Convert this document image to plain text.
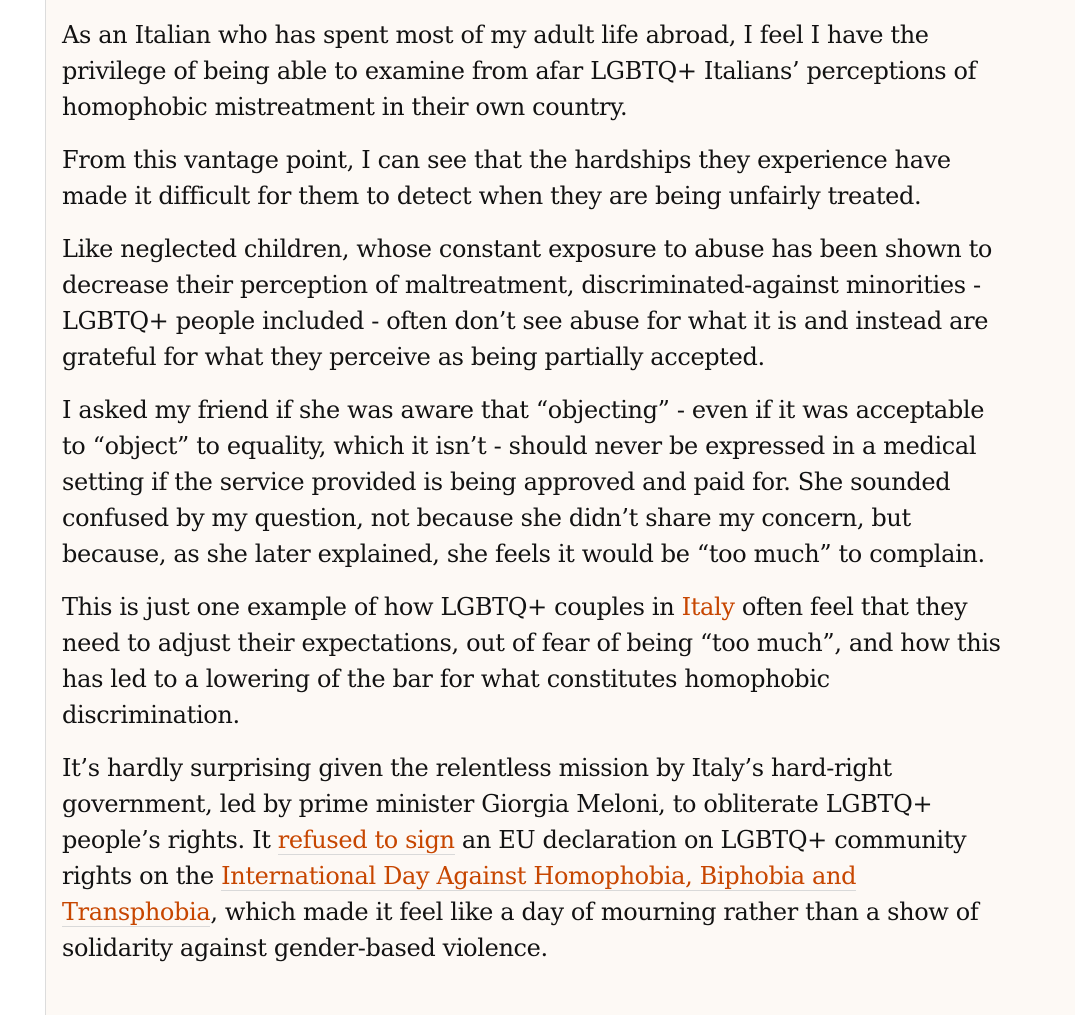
As an Italian who has spent most of my adult life abroad, I feel I have the privilege of being able to examine from afar LGBTQ+ Italians’ perceptions of homophobic mistreatment in their own country.

From this vantage point, I can see that the hardships they experience have made it difficult for them to detect when they are being unfairly treated.

Like neglected children, whose constant exposure to abuse has been shown to decrease their perception of maltreatment, discriminated-against minorities - LGBTQ+ people included - often don’t see abuse for what it is and instead are grateful for what they perceive as being partially accepted.

I asked my friend if she was aware that “objecting” - even if it was acceptable to “object” to equality, which it isn’t - should never be expressed in a medical setting if the service provided is being approved and paid for. She sounded confused by my question, not because she didn’t share my concern, but because, as she later explained, she feels it would be “too much” to complain.

This is just one example of how LGBTQ+ couples in Italy often feel that they need to adjust their expectations, out of fear of being “too much”, and how this has led to a lowering of the bar for what constitutes homophobic discrimination.

It’s hardly surprising given the relentless mission by Italy’s hard-right government, led by prime minister Giorgia Meloni, to obliterate LGBTQ+ people’s rights. It refused to sign an EU declaration on LGBTQ+ community rights on the International Day Against Homophobia, Biphobia and Transphobia, which made it feel like a day of mourning rather than a show of solidarity against gender-based violence.
